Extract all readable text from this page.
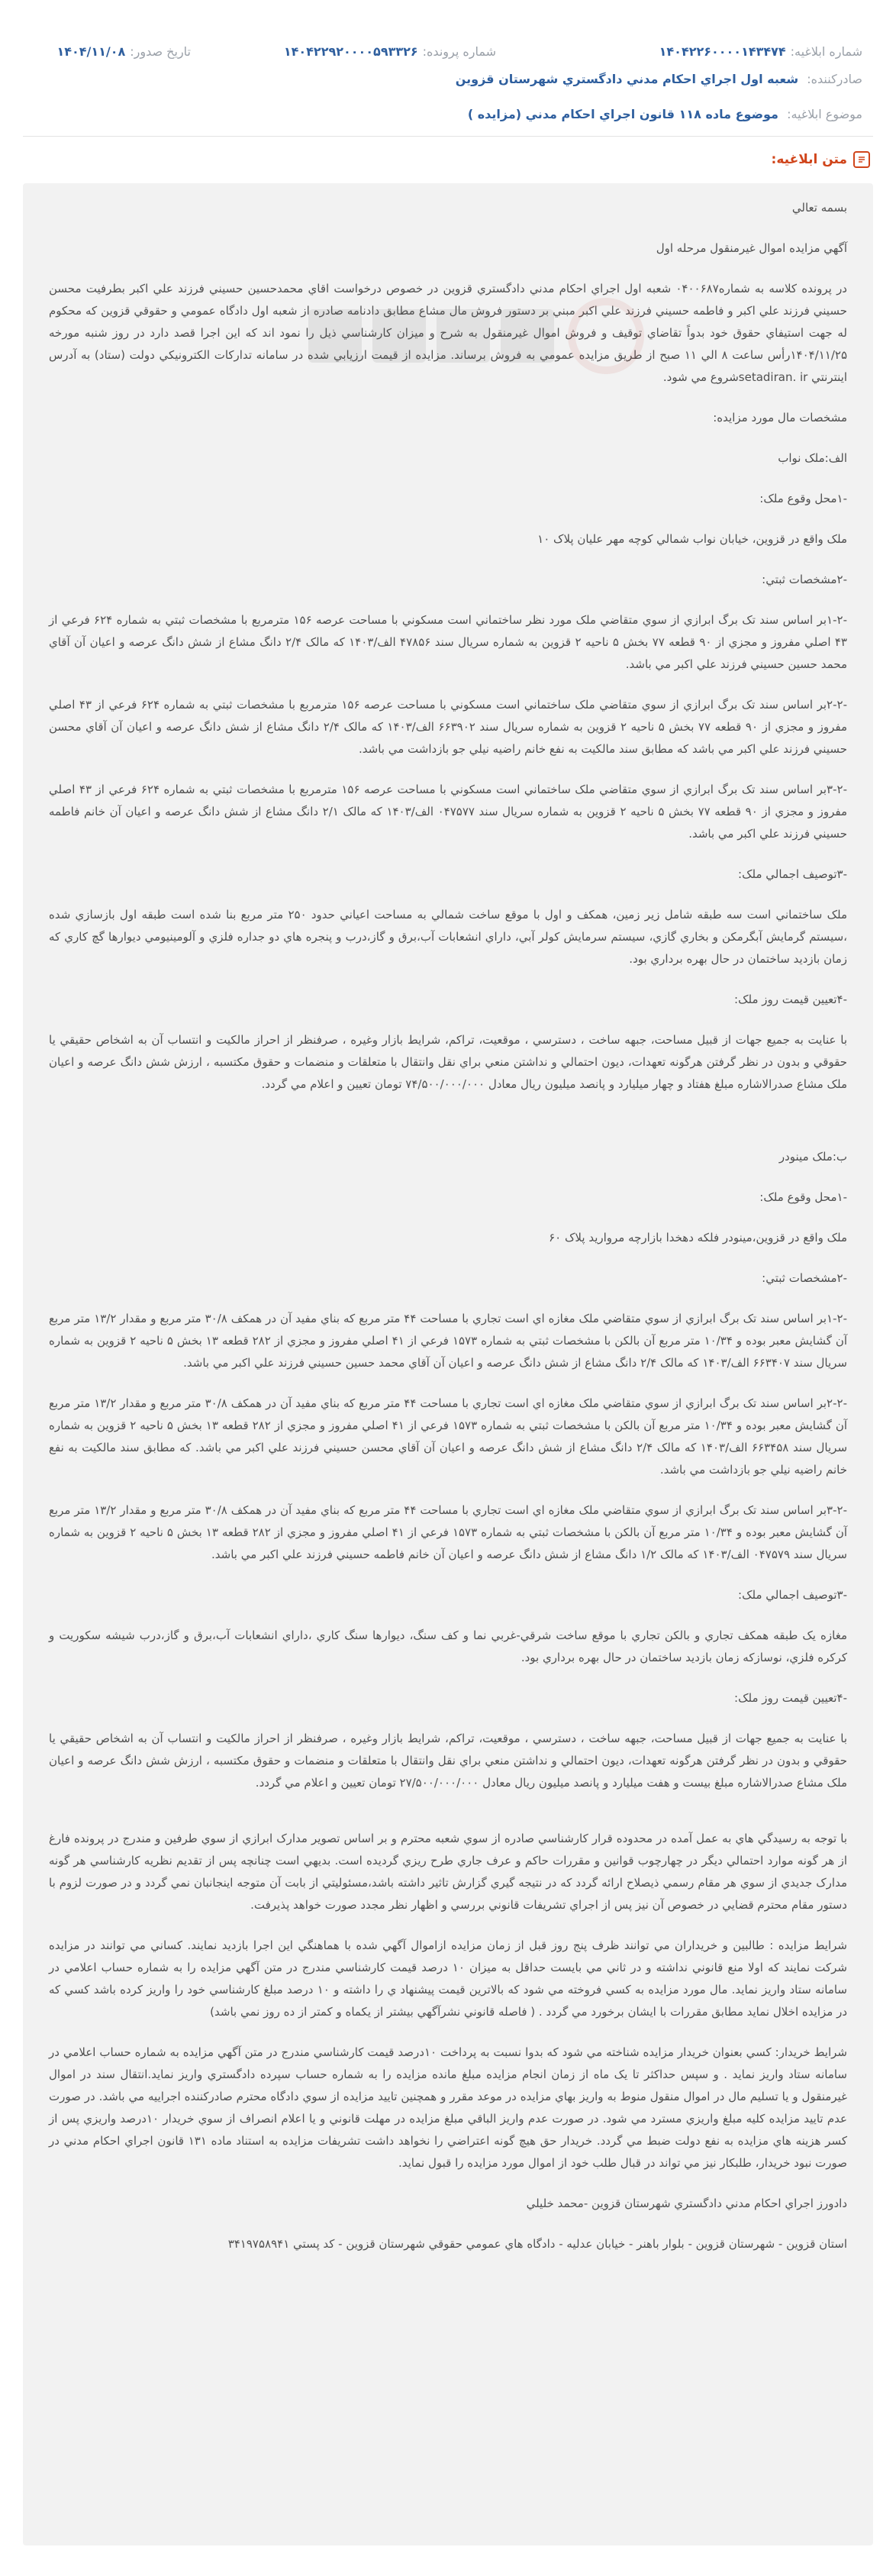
شماره ابلاغيه:
۱۴۰۴۲۲۶۰۰۰۰۱۴۳۴۷۴
شماره پرونده:
۱۴۰۴۲۲۹۲۰۰۰۰۵۹۳۳۲۶
تاريخ صدور:
۱۴۰۴/۱۱/۰۸
صادرکننده: شعبه اول اجراي احکام مدني دادگستري شهرستان قزوين
موضوع ابلاغيه: موضوع ماده ۱۱۸ قانون اجراي احکام مدني (مزايده )
متن ابلاغيه:

بسمه تعالي

آگهي مزايده اموال غيرمنقول مرحله اول

در پرونده کلاسه به شماره۰۴۰۰۶۸۷ شعبه اول اجراي احکام مدني دادگستري قزوين در خصوص درخواست اقاي محمدحسين حسيني فرزند علي اکبر بطرفيت محسن حسيني فرزند علي اکبر و فاطمه حسيني فرزند علي اکبر مبني بر دستور فروش مال مشاع مطابق دادنامه صادره از شعبه اول دادگاه عمومي و حقوقي قزوين که محکوم له جهت استيفاي حقوق خود بدواً تقاضاي توقيف و فروش اموال غيرمنقول به شرح و ميزان کارشناسي ذيل را نمود اند که اين اجرا قصد دارد در روز شنبه مورخه ۱۴۰۴/۱۱/۲۵رأس ساعت ۸ الي ۱۱ صبح از طريق مزايده عمومي به فروش برساند. مزايده از قيمت ارزيابي شده در سامانه تدارکات الکترونيکي دولت (ستاد) به آدرس اينترنتي setadiran. irشروع مي شود.

مشخصات مال مورد مزايده:

الف:ملک نواب

-۱محل وقوع ملک:

ملک واقع در قزوين، خيابان نواب شمالي کوچه مهر عليان پلاک ۱۰

-۲مشخصات ثبتي:

-۱-۲بر اساس سند تک برگ ابرازي از سوي متقاضي ملک مورد نظر ساختماني است مسکوني با مساحت عرصه ۱۵۶ مترمربع با مشخصات ثبتي به شماره ۶۲۴ فرعي از ۴۳ اصلي مفروز و مجزي از ۹۰ قطعه ۷۷ بخش ۵ ناحيه ۲ قزوين به شماره سريال سند ۴۷۸۵۶ الف/۱۴۰۳ که مالک ۲/۴ دانگ مشاع از شش دانگ عرصه و اعيان آن آقاي محمد حسين حسيني فرزند علي اکبر مي باشد.

-۲-۲بر اساس سند تک برگ ابرازي از سوي متقاضي ملک ساختماني است مسکوني با مساحت عرصه ۱۵۶ مترمربع با مشخصات ثبتي به شماره ۶۲۴ فرعي از ۴۳ اصلي مفروز و مجزي از ۹۰ قطعه ۷۷ بخش ۵ ناحيه ۲ قزوين به شماره سريال سند ۶۶۳۹۰۲ الف/۱۴۰۳ که مالک ۲/۴ دانگ مشاع از شش دانگ عرصه و اعيان آن آقاي محسن حسيني فرزند علي اکبر مي باشد که مطابق سند مالکيت به نفع خانم راضيه نيلي جو بازداشت مي باشد.

-۳-۲بر اساس سند تک برگ ابرازي از سوي متقاضي ملک ساختماني است مسکوني با مساحت عرصه ۱۵۶ مترمربع با مشخصات ثبتي به شماره ۶۲۴ فرعي از ۴۳ اصلي مفروز و مجزي از ۹۰ قطعه ۷۷ بخش ۵ ناحيه ۲ قزوين به شماره سريال سند ۰۴۷۵۷۷ الف/۱۴۰۳ که مالک ۲/۱ دانگ مشاع از شش دانگ عرصه و اعيان آن خانم فاطمه حسيني فرزند علي اکبر مي باشد.

-۳توصيف اجمالي ملک:

ملک ساختماني است سه طبقه شامل زير زمين، همکف و اول با موقع ساخت شمالي به مساحت اعياني حدود ۲۵۰ متر مربع بنا شده است طبقه اول بازسازي شده ،سيستم گرمايش آبگرمکن و بخاري گازي، سيستم سرمايش کولر آبي، داراي انشعابات آب،برق و گاز،درب و پنجره هاي دو جداره فلزي و آلومينيومي ديوارها گچ کاري که زمان بازديد ساختمان در حال بهره برداري بود.

-۴تعيين قيمت روز ملک:

با عنايت به جميع جهات از قبيل مساحت، جبهه ساخت ، دسترسي ، موقعيت، تراکم، شرايط بازار وغيره ، صرفنظر از احراز مالکيت و انتساب آن به اشخاص حقيقي يا حقوقي و بدون در نظر گرفتن هرگونه تعهدات، ديون احتمالي و نداشتن منعي براي نقل وانتقال با متعلقات و منضمات و حقوق مکتسبه ، ارزش شش دانگ عرصه و اعيان ملک مشاع صدرالاشاره مبلغ هفتاد و چهار ميليارد و پانصد ميليون ريال معادل ۷۴/۵۰۰/۰۰۰/۰۰۰ تومان تعيين و اعلام مي گردد.

ب:ملک مينودر

-۱محل وقوع ملک:

ملک واقع در قزوين،مينودر فلکه دهخدا بازارچه مرواريد پلاک ۶۰

-۲مشخصات ثبتي:

-۱-۲بر اساس سند تک برگ ابرازي از سوي متقاضي ملک مغازه اي است تجاري با مساحت ۴۴ متر مربع که بناي مفيد آن در همکف ۳۰/۸ متر مربع و مقدار ۱۳/۲ متر مربع آن گشايش معبر بوده و ۱۰/۳۴ متر مربع آن بالکن با مشخصات ثبتي به شماره ۱۵۷۳ فرعي از ۴۱ اصلي مفروز و مجزي از ۲۸۲ قطعه ۱۳ بخش ۵ ناحيه ۲ قزوين به شماره سريال سند ۶۶۳۴۰۷ الف/۱۴۰۳ که مالک ۲/۴ دانگ مشاع از شش دانگ عرصه و اعيان آن آقاي محمد حسين حسيني فرزند علي اکبر مي باشد.

-۲-۲بر اساس سند تک برگ ابرازي از سوي متقاضي ملک مغازه اي است تجاري با مساحت ۴۴ متر مربع که بناي مفيد آن در همکف ۳۰/۸ متر مربع و مقدار ۱۳/۲ متر مربع آن گشايش معبر بوده و ۱۰/۳۴ متر مربع آن بالکن با مشخصات ثبتي به شماره ۱۵۷۳ فرعي از ۴۱ اصلي مفروز و مجزي از ۲۸۲ قطعه ۱۳ بخش ۵ ناحيه ۲ قزوين به شماره سريال سند ۶۶۳۴۵۸ الف/۱۴۰۳ که مالک ۲/۴ دانگ مشاع از شش دانگ عرصه و اعيان آن آقاي محسن حسيني فرزند علي اکبر مي باشد. که مطابق سند مالکيت به نفع خانم راضيه نيلي جو بازداشت مي باشد.

-۳-۲بر اساس سند تک برگ ابرازي از سوي متقاضي ملک مغازه اي است تجاري با مساحت ۴۴ متر مربع که بناي مفيد آن در همکف ۳۰/۸ متر مربع و مقدار ۱۳/۲ متر مربع آن گشايش معبر بوده و ۱۰/۳۴ متر مربع آن بالکن با مشخصات ثبتي به شماره ۱۵۷۳ فرعي از ۴۱ اصلي مفروز و مجزي از ۲۸۲ قطعه ۱۳ بخش ۵ ناحيه ۲ قزوين به شماره سريال سند ۰۴۷۵۷۹ الف/۱۴۰۳ که مالک ۱/۲ دانگ مشاع از شش دانگ عرصه و اعيان آن خانم فاطمه حسيني فرزند علي اکبر مي باشد.

-۳توصيف اجمالي ملک:

مغازه يک طبقه همکف تجاري و بالکن تجاري با موقع ساخت شرقي-غربي نما و کف سنگ، ديوارها سنگ کاري ،داراي انشعابات آب،برق و گاز،درب شيشه سکوريت و کرکره فلزي، نوسازکه زمان بازديد ساختمان در حال بهره برداري بود.

-۴تعيين قيمت روز ملک:

با عنايت به جميع جهات از قبيل مساحت، جبهه ساخت ، دسترسي ، موقعيت، تراکم، شرايط بازار وغيره ، صرفنظر از احراز مالکيت و انتساب آن به اشخاص حقيقي يا حقوقي و بدون در نظر گرفتن هرگونه تعهدات، ديون احتمالي و نداشتن منعي براي نقل وانتقال با متعلقات و منضمات و حقوق مکتسبه ، ارزش شش دانگ عرصه و اعيان ملک مشاع صدرالاشاره مبلغ بيست و هفت ميليارد و پانصد ميليون ريال معادل ۲۷/۵۰۰/۰۰۰/۰۰۰ تومان تعيين و اعلام مي گردد.

با توجه به رسيدگي هاي به عمل آمده در محدوده قرار کارشناسي صادره از سوي شعبه محترم و بر اساس تصوير مدارک ابرازي از سوي طرفين و مندرج در پرونده فارغ از هر گونه موارد احتمالي ديگر در چهارچوب قوانين و مقررات حاکم و عرف جاري طرح ريزي گرديده است. بديهي است چنانچه پس از تقديم نظريه کارشناسي هر گونه مدارک جديدي از سوي هر مقام رسمي ذيصلاح ارائه گردد که در نتيجه گيري گزارش تاثير داشته باشد،مسئوليتي از بابت آن متوجه اينجانبان نمي گردد و در صورت لزوم با دستور مقام محترم قضايي در خصوص آن نيز پس از اجراي تشريفات قانوني بررسي و اظهار نظر مجدد صورت خواهد پذيرفت.

شرايط مزايده : طالبين و خريداران مي توانند ظرف پنج روز قبل از زمان مزايده ازاموال آگهي شده با هماهنگي اين اجرا بازديد نمايند. کساني مي توانند در مزايده شرکت نمايند که اولا منع قانوني نداشته و در ثاني مي بايست حداقل به ميزان ۱۰ درصد قيمت کارشناسي مندرج در متن آگهي مزايده را به شماره حساب اعلامي در سامانه ستاد واريز نمايد. مال مورد مزايده به کسي فروخته مي شود که بالاترين قيمت پيشنهاد ي را داشته و ۱۰ درصد مبلغ کارشناسي خود را واريز کرده باشد کسي که در مزايده اخلال نمايد مطابق مقررات با ايشان برخورد مي گردد . ( فاصله قانوني نشرآگهي بيشتر از يکماه و کمتر از ده روز نمي باشد)

شرايط خريدار: کسي بعنوان خريدار مزايده شناخته مي شود که بدوا نسبت به پرداخت ۱۰درصد قيمت کارشناسي مندرج در متن آگهي مزايده به شماره حساب اعلامي در سامانه ستاد واريز نمايد . و سپس حداکثر تا يک ماه از زمان انجام مزايده مبلغ مانده مزايده را به شماره حساب سپرده دادگستري واريز نمايد.انتقال سند در اموال غيرمنقول و يا تسليم مال در اموال منقول منوط به واريز بهاي مزايده در موعد مقرر و همچنين تاييد مزايده از سوي دادگاه محترم صادرکننده اجراييه مي باشد. در صورت عدم تاييد مزايده کليه مبلغ واريزي مسترد مي شود. در صورت عدم واريز الباقي مبلغ مزايده در مهلت قانوني و يا اعلام انصراف از سوي خريدار ۱۰درصد واريزي پس از کسر هزينه هاي مزايده به نفع دولت ضبط مي گردد. خريدار حق هيچ گونه اعتراضي را نخواهد داشت تشريفات مزايده به استناد ماده ۱۳۱ قانون اجراي احکام مدني در صورت نبود خريدار، طلبکار نيز مي تواند در قبال طلب خود از اموال مورد مزايده را قبول نمايد.

دادورز اجراي احکام مدني دادگستري شهرستان قزوين -محمد خليلي

استان قزوين - شهرستان قزوين - بلوار باهنر - خيابان عدليه - دادگاه هاي عمومي حقوقي شهرستان قزوين - کد پستي ۳۴۱۹۷۵۸۹۴۱
